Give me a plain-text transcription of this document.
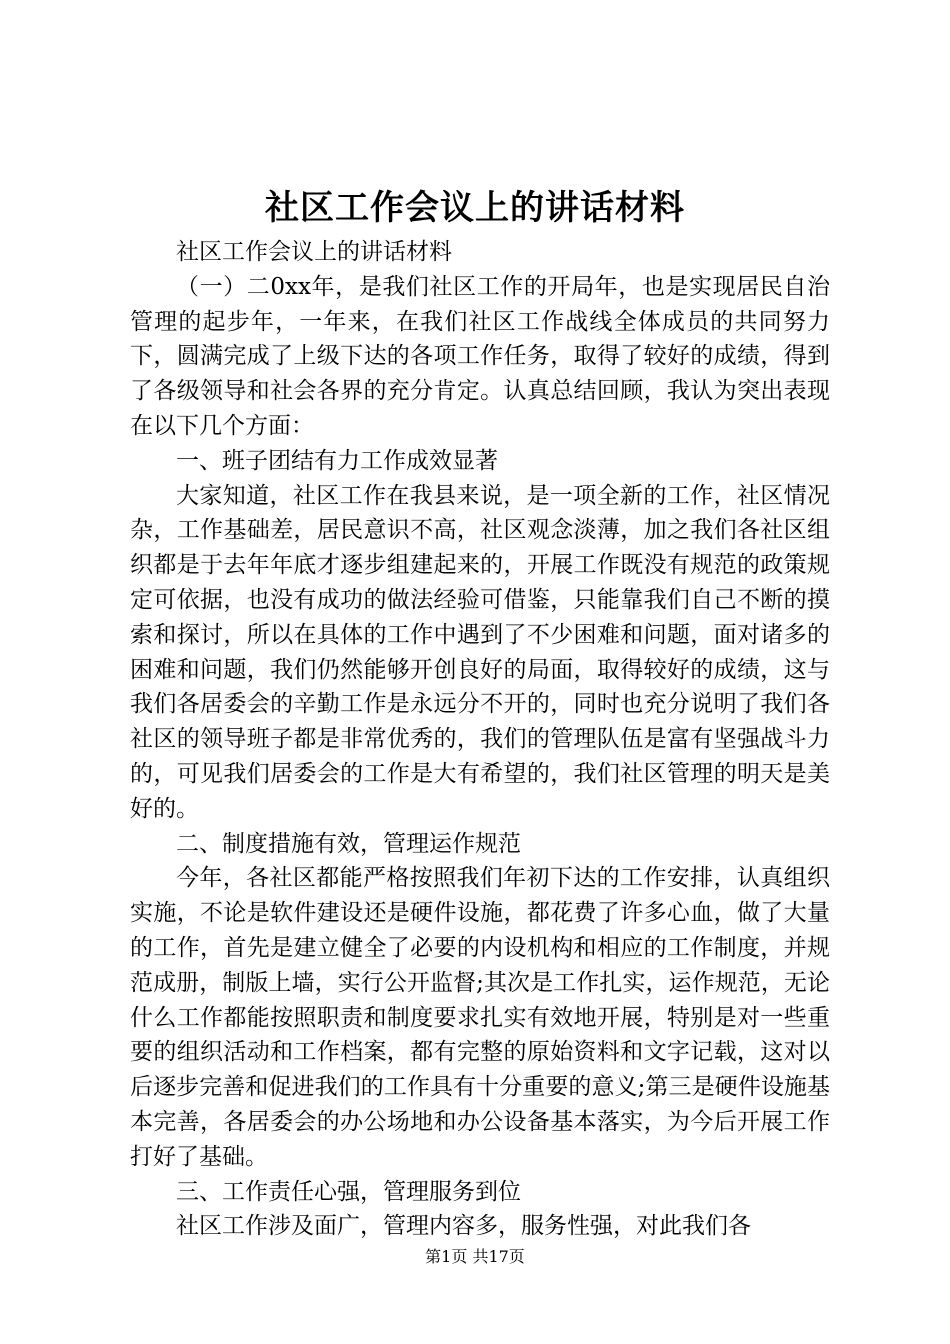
社区工作会议上的讲话材料

社区工作会议上的讲话材料

（一）二0xx年，是我们社区工作的开局年，也是实现居民自治管理的起步年，一年来，在我们社区工作战线全体成员的共同努力下，圆满完成了上级下达的各项工作任务，取得了较好的成绩，得到了各级领导和社会各界的充分肯定。认真总结回顾，我认为突出表现在以下几个方面：

一、班子团结有力工作成效显著

大家知道，社区工作在我县来说，是一项全新的工作，社区情况杂，工作基础差，居民意识不高，社区观念淡薄，加之我们各社区组织都是于去年年底才逐步组建起来的，开展工作既没有规范的政策规定可依据，也没有成功的做法经验可借鉴，只能靠我们自己不断的摸索和探讨，所以在具体的工作中遇到了不少困难和问题，面对诸多的困难和问题，我们仍然能够开创良好的局面，取得较好的成绩，这与我们各居委会的辛勤工作是永远分不开的，同时也充分说明了我们各社区的领导班子都是非常优秀的，我们的管理队伍是富有坚强战斗力的，可见我们居委会的工作是大有希望的，我们社区管理的明天是美好的。

二、制度措施有效，管理运作规范

今年，各社区都能严格按照我们年初下达的工作安排，认真组织实施，不论是软件建设还是硬件设施，都花费了许多心血，做了大量的工作，首先是建立健全了必要的内设机构和相应的工作制度，并规范成册，制版上墙，实行公开监督;其次是工作扎实，运作规范，无论什么工作都能按照职责和制度要求扎实有效地开展，特别是对一些重要的组织活动和工作档案，都有完整的原始资料和文字记载，这对以后逐步完善和促进我们的工作具有十分重要的意义;第三是硬件设施基本完善，各居委会的办公场地和办公设备基本落实，为今后开展工作打好了基础。

三、工作责任心强，管理服务到位

社区工作涉及面广，管理内容多，服务性强，对此我们各

第1页 共17页
